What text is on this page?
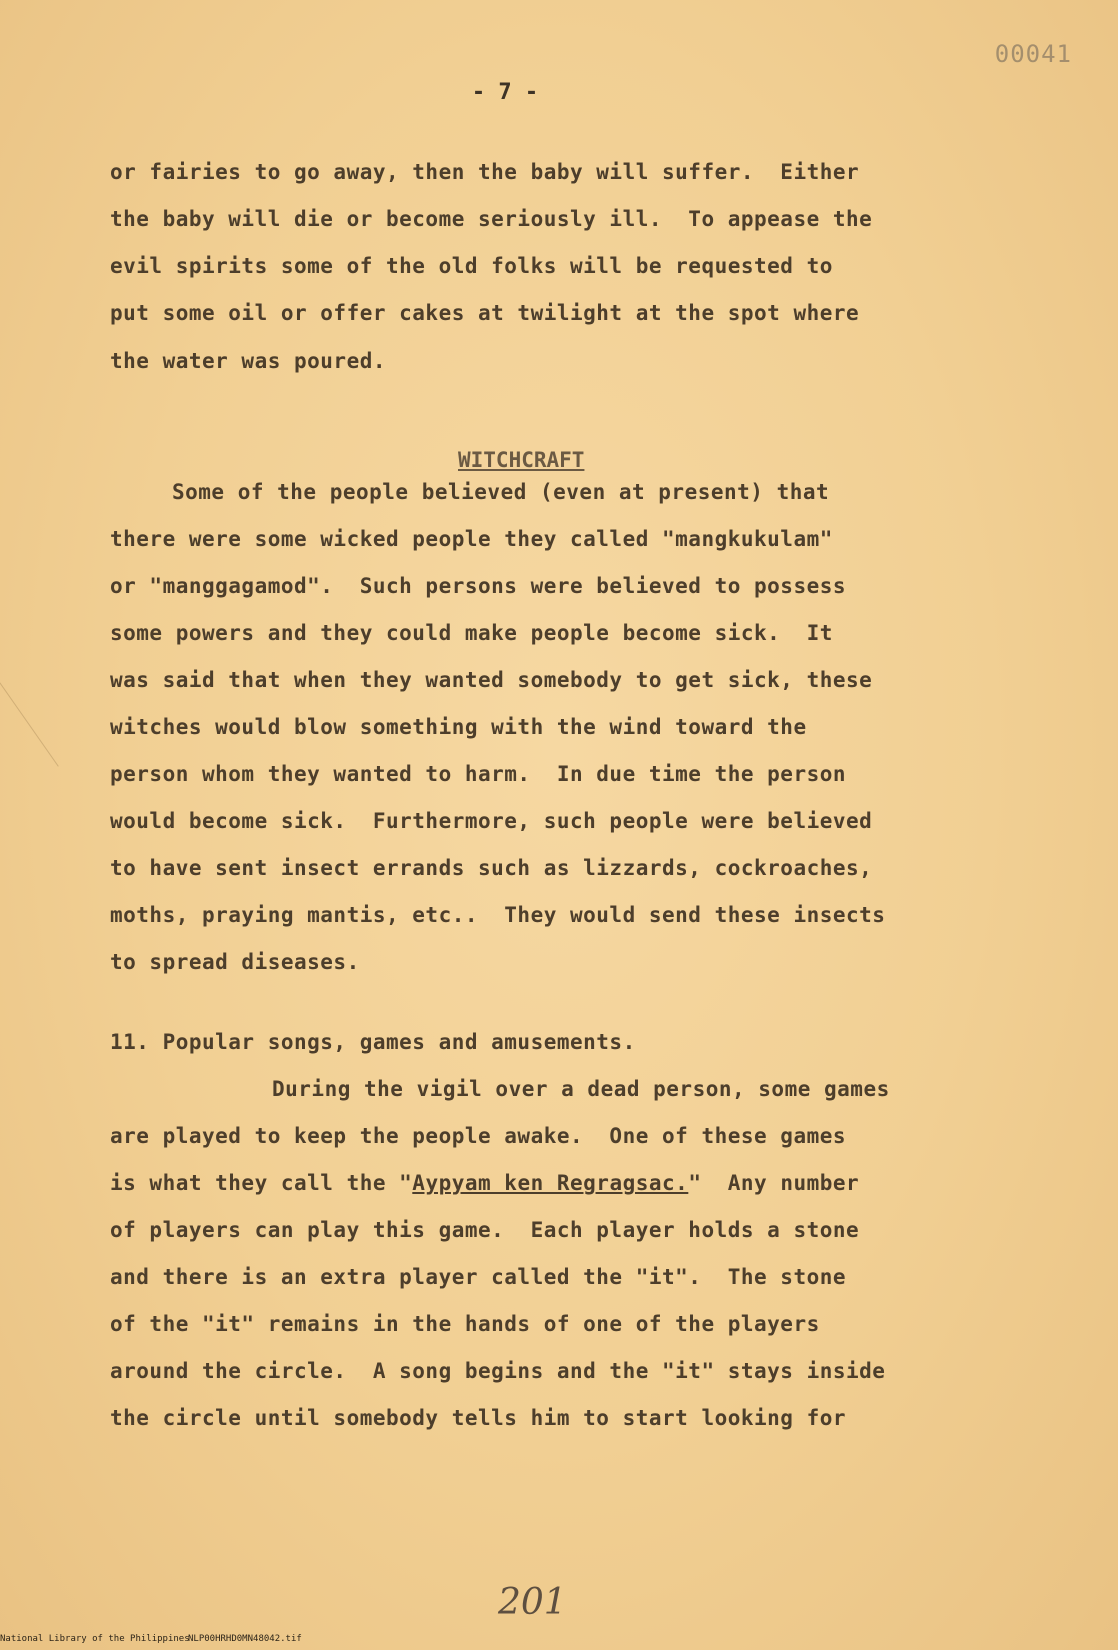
00041
- 7 -
or fairies to go away, then the baby will suffer.  Either
the baby will die or become seriously ill.  To appease the
evil spirits some of the old folks will be requested to
put some oil or offer cakes at twilight at the spot where
the water was poured.
WITCHCRAFT
Some of the people believed (even at present) that
there were some wicked people they called "mangkukulam"
or "manggagamod".  Such persons were believed to possess
some powers and they could make people become sick.  It
was said that when they wanted somebody to get sick, these
witches would blow something with the wind toward the
person whom they wanted to harm.  In due time the person
would become sick.  Furthermore, such people were believed
to have sent insect errands such as lizzards, cockroaches,
moths, praying mantis, etc..  They would send these insects
to spread diseases.
11. Popular songs, games and amusements.
During the vigil over a dead person, some games
are played to keep the people awake.  One of these games
is what they call the "Aypyam ken Regragsac."  Any number
of players can play this game.  Each player holds a stone
and there is an extra player called the "it".  The stone
of the "it" remains in the hands of one of the players
around the circle.  A song begins and the "it" stays inside
the circle until somebody tells him to start looking for
201
National Library of the Philippines
NLP00HRHD0MN48042.tif
